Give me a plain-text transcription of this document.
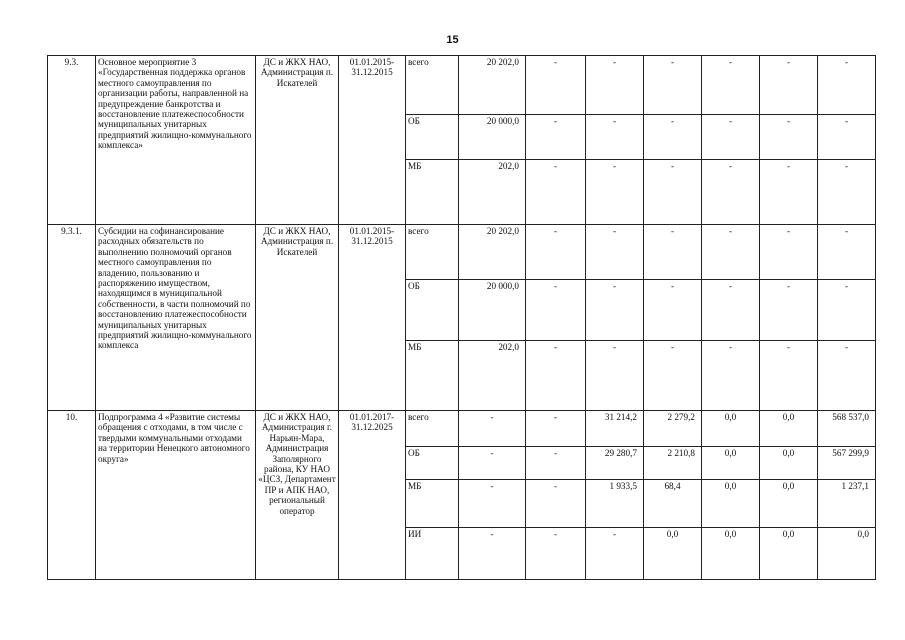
15
9.3.	Основное мероприятие 3 «Государственная поддержка органов местного самоуправления по организации работы, направленной на предупреждение банкротства и восстановление платежеспособности муниципальных унитарных предприятий жилищно-коммунального комплекса»	ДС и ЖКХ НАО, Администрация п. Искателей	01.01.2015-31.12.2015	всего	20 202,0	-	-	-	-	-	-
				ОБ	20 000,0	-	-	-	-	-	-
				МБ	202,0	-	-	-	-	-	-
9.3.1.	Субсидии на софинансирование расходных обязательств по выполнению полномочий органов местного самоуправления по владению, пользованию и распоряжению имуществом, находящимся в муниципальной собственности, в части полномочий по восстановлению платежеспособности муниципальных унитарных предприятий жилищно-коммунального комплекса	ДС и ЖКХ НАО, Администрация п. Искателей	01.01.2015-31.12.2015	всего	20 202,0	-	-	-	-	-	-
				ОБ	20 000,0	-	-	-	-	-	-
				МБ	202,0	-	-	-	-	-	-
10.	Подпрограмма 4 «Развитие системы обращения с отходами, в том числе с твердыми коммунальными отходами на территории Ненецкого автономного округа»	ДС и ЖКХ НАО, Администрация г. Нарьян-Мара, Администрация Заполярного района, КУ НАО «ЦСЗ, Департамент ПР и АПК НАО, региональный оператор	01.01.2017-31.12.2025	всего	-	-	31 214,2	2 279,2	0,0	0,0	568 537,0
				ОБ	-	-	29 280,7	2 210,8	0,0	0,0	567 299,9
				МБ	-	-	1 933,5	68,4	0,0	0,0	1 237,1
				ИИ	-	-	-	0,0	0,0	0,0	0,0
